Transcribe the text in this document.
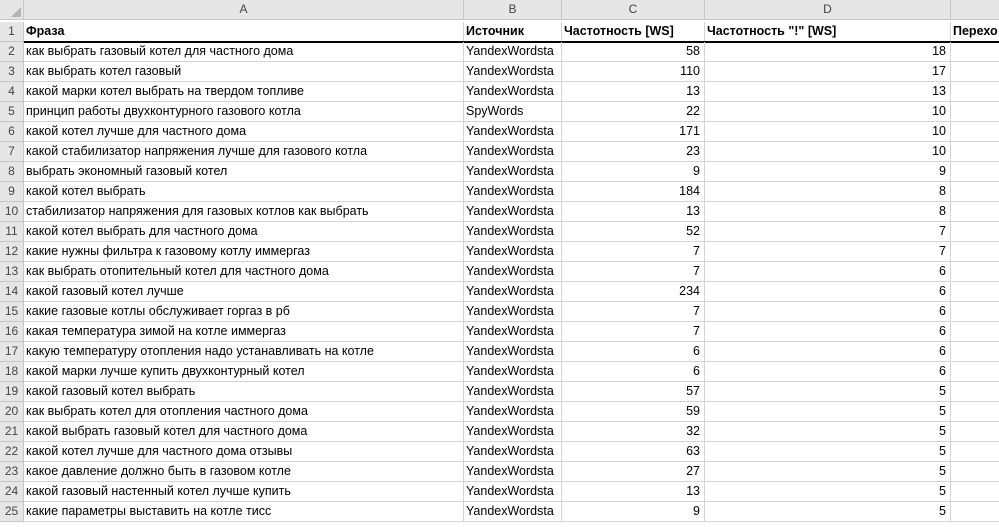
A	B	C	D
1 Фраза	Источник	Частотность [WS]	Частотность "!" [WS]	Перехо
2 как выбрать газовый котел для частного дома	YandexWordsta	58	18
3 как выбрать котел газовый	YandexWordsta	110	17
4 какой марки котел выбрать на твердом топливе	YandexWordsta	13	13
5 принцип работы двухконтурного газового котла	SpyWords	22	10
6 какой котел лучше для частного дома	YandexWordsta	171	10
7 какой стабилизатор напряжения лучше для газового котла	YandexWordsta	23	10
8 выбрать экономный газовый котел	YandexWordsta	9	9
9 какой котел выбрать	YandexWordsta	184	8
10 стабилизатор напряжения для газовых котлов как выбрать	YandexWordsta	13	8
11 какой котел выбрать для частного дома	YandexWordsta	52	7
12 какие нужны фильтра к газовому котлу иммергаз	YandexWordsta	7	7
13 как выбрать отопительный котел для частного дома	YandexWordsta	7	6
14 какой газовый котел лучше	YandexWordsta	234	6
15 какие газовые котлы обслуживает горгаз в рб	YandexWordsta	7	6
16 какая температура зимой на котле иммергаз	YandexWordsta	7	6
17 какую температуру отопления надо устанавливать на котле	YandexWordsta	6	6
18 какой марки лучше купить двухконтурный котел	YandexWordsta	6	6
19 какой газовый котел выбрать	YandexWordsta	57	5
20 как выбрать котел для отопления частного дома	YandexWordsta	59	5
21 какой выбрать газовый котел для частного дома	YandexWordsta	32	5
22 какой котел лучше для частного дома отзывы	YandexWordsta	63	5
23 какое давление должно быть в газовом котле	YandexWordsta	27	5
24 какой газовый настенный котел лучше купить	YandexWordsta	13	5
25 какие параметры выставить на котле тисс	YandexWordsta	9	5
